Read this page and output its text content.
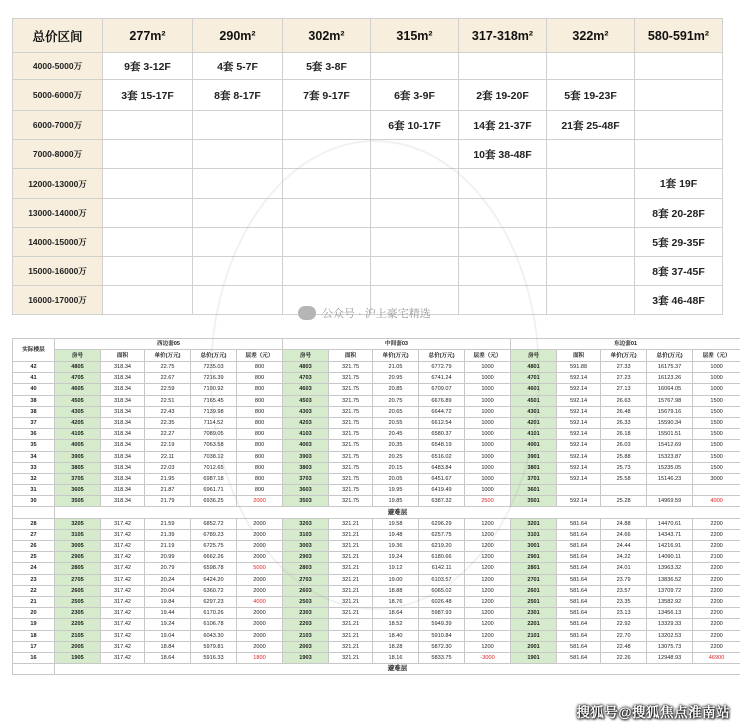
总价区间	277m²	290m²	302m²	315m²	317-318m²	322m²	580-591m²
4000-5000万	9套 3-12F	4套 5-7F	5套 3-8F				
5000-6000万	3套 15-17F	8套 8-17F	7套 9-17F	6套 3-9F	2套 19-20F	5套 19-23F	
6000-7000万				6套 10-17F	14套 21-37F	21套 25-48F	
7000-8000万					10套 38-48F		
12000-13000万							1套 19F
13000-14000万							8套 20-28F
14000-15000万							5套 29-35F
15000-16000万							8套 37-45F
16000-17000万							3套 46-48F
实际楼层	西边套05					中间套03					东边套01				
	房号	面积	单价(万元)	总价(万元)	层差（元）	房号	面积	单价(万元)	总价(万元)	层差（元）	房号	面积	单价(万元)	总价(万元)	层差（元）
42	4805	318.34	22.75	7235.03	800	4803	321.75	21.05	6772.79	1000	4801	591.88	27.33	16175.37	1000
41	4705	318.34	22.67	7216.39	800	4703	321.75	20.95	6741.24	1000	4701	592.14	27.23	16123.26	1000
40	4605	318.34	22.59	7190.92	800	4603	321.75	20.85	6709.07	1000	4601	592.14	27.13	16064.05	1000
38	4505	318.34	22.51	7165.45	800	4503	321.75	20.75	6676.89	1000	4501	592.14	26.63	15767.98	1500
38	4305	318.34	22.43	7139.98	800	4303	321.75	20.65	6644.72	1000	4301	592.14	26.48	15679.16	1500
37	4205	318.34	22.35	7114.52	800	4203	321.75	20.55	6612.54	1000	4201	592.14	26.33	15590.34	1500
36	4105	318.34	22.27	7089.05	800	4103	321.75	20.45	6580.37	1000	4101	592.14	26.18	15501.51	1500
35	4005	318.34	22.19	7063.58	800	4003	321.75	20.35	6548.19	1000	4001	592.14	26.03	15412.69	1500
34	3905	318.34	22.11	7038.12	800	3903	321.75	20.25	6516.02	1000	3901	592.14	25.88	15323.87	1500
33	3805	318.34	22.03	7012.65	800	3803	321.75	20.15	6483.84	1000	3801	592.14	25.73	15235.05	1500
32	3705	318.34	21.95	6987.18	800	3703	321.75	20.05	6451.67	1000	3701	592.14	25.58	15146.23	3000
31	3605	318.34	21.87	6961.71	800	3603	321.75	19.95	6419.49	1000	3601				
30	3505	318.34	21.79	6936.25	2000	3503	321.75	19.85	6387.32	2500	3501	592.14	25.28	14969.59	4000
	避难层														
28	3205	317.42	21.59	6852.72	2000	3203	321.21	19.58	6296.29	1200	3201	581.64	24.88	14470.61	2200
27	3105	317.42	21.39	6789.23	2000	3103	321.21	19.48	6257.75	1200	3101	581.64	24.66	14343.71	2200
26	3005	317.42	21.19	6725.75	2000	3003	321.21	19.36	6219.20	1200	3001	581.64	24.44	14216.91	2200
25	2905	317.42	20.99	6662.26	2000	2903	321.21	19.24	6180.66	1200	2901	581.64	24.22	14090.11	2100
24	2805	317.42	20.79	6598.78	5000	2803	321.21	19.12	6142.11	1200	2801	581.64	24.01	13963.32	2200
23	2705	317.42	20.24	6424.20	2000	2703	321.21	19.00	6103.57	1200	2701	581.64	23.79	13836.52	2200
22	2605	317.42	20.04	6360.72	2000	2603	321.21	18.88	6065.02	1200	2601	581.64	23.57	13709.72	2200
21	2505	317.42	19.84	6297.23	4000	2503	321.21	18.76	6026.48	1200	2501	581.64	23.35	13582.92	2200
20	2305	317.42	19.44	6170.26	2000	2303	321.21	18.64	5987.93	1200	2301	581.64	23.13	13456.13	2200
19	2205	317.42	19.24	6106.78	2000	2203	321.21	18.52	5949.39	1200	2201	581.64	22.92	13329.33	2200
18	2105	317.42	19.04	6043.30	2000	2103	321.21	18.40	5910.84	1200	2101	581.64	22.70	13202.53	2200
17	2005	317.42	18.84	5979.81	2000	2003	321.21	18.28	5872.30	1200	2001	581.64	22.48	13075.73	2200
16	1905	317.42	18.64	5916.33	1800	1903	321.21	18.16	5833.75	-3000	1901	581.64	22.26	12948.93	46900
	避难层														
公众号 · 沪上豪宅精选
搜狐号@搜狐焦点淮南站
